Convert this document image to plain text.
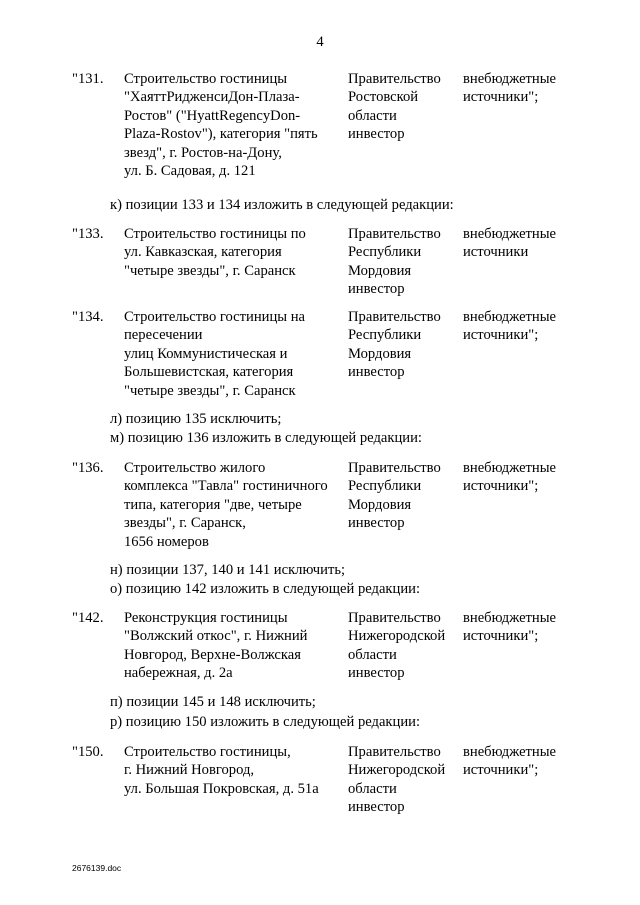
4
"131. Строительство гостиницы
"ХаяттРидженсиДон-Плаза-
Ростов" ("HyattRegencyDon-
Plaza-Rostov"), категория "пять
звезд", г. Ростов-на-Дону,
ул. Б. Садовая, д. 121
Правительство
Ростовской
области
инвестор
внебюджетные
источники";
к) позиции 133 и 134 изложить в следующей редакции:
"133. Строительство гостиницы по
ул. Кавказская, категория
"четыре звезды", г. Саранск
Правительство
Республики
Мордовия
инвестор
внебюджетные
источники
"134. Строительство гостиницы на
пересечении
улиц Коммунистическая и
Большевистская, категория
"четыре звезды", г. Саранск
Правительство
Республики
Мордовия
инвестор
внебюджетные
источники";
л) позицию 135 исключить;
м) позицию 136 изложить в следующей редакции:
"136. Строительство жилого
комплекса "Тавла" гостиничного
типа, категория "две, четыре
звезды", г. Саранск,
1656 номеров
Правительство
Республики
Мордовия
инвестор
внебюджетные
источники";
н) позиции 137, 140 и 141 исключить;
о) позицию 142 изложить в следующей редакции:
"142. Реконструкция гостиницы
"Волжский откос", г. Нижний
Новгород, Верхне-Волжская
набережная, д. 2а
Правительство
Нижегородской
области
инвестор
внебюджетные
источники";
п) позиции 145 и 148 исключить;
р) позицию 150 изложить в следующей редакции:
"150. Строительство гостиницы,
г. Нижний Новгород,
ул. Большая Покровская, д. 51а
Правительство
Нижегородской
области
инвестор
внебюджетные
источники";
2676139.doc
